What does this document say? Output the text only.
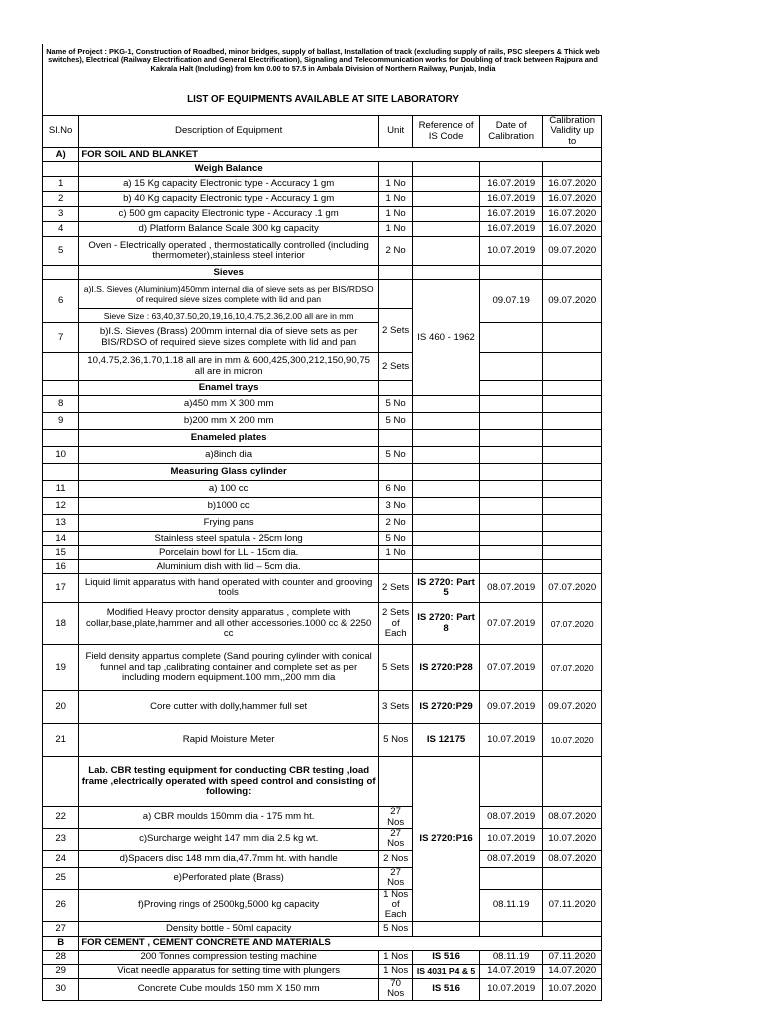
Name of Project : PKG-1, Construction of Roadbed, minor bridges, supply of ballast, Installation of track (excluding supply of rails, PSC sleepers & Thick web switches), Electrical (Railway Electrification and General Electrification), Signaling and Telecommunication works for Doubling of track between Rajpura and Kakrala Halt (Including) from km 0.00 to 57.5 in Ambala Division of Northern Railway, Punjab, India
LIST OF EQUIPMENTS AVAILABLE AT SITE LABORATORY
Sl.No	Description of Equipment	Unit	Reference of IS Code	Date of Calibration	Calibration Validity up to
A)	FOR SOIL AND BLANKET				
	Weigh Balance				
1	a) 15 Kg capacity Electronic type - Accuracy 1 gm	1 No		16.07.2019	16.07.2020
2	b) 40 Kg capacity Electronic type - Accuracy 1 gm	1 No		16.07.2019	16.07.2020
3	c) 500 gm capacity Electronic type - Accuracy .1 gm	1 No		16.07.2019	16.07.2020
4	d) Platform Balance Scale 300 kg capacity	1 No		16.07.2019	16.07.2020
5	Oven - Electrically operated , thermostatically controlled (including thermometer),stainless steel interior	2 No		10.07.2019	09.07.2020
	Sieves				
6	a)I.S. Sieves (Aluminium)450mm internal dia of sieve sets as per BIS/RDSO of required sieve sizes complete with lid and pan		IS 460 - 1962	09.07.19	09.07.2020
	Sieve Size : 63,40,37.50,20,19,16,10,4.75,2.36,2.00 all are in mm	2 Sets			
7	b)I.S. Sieves (Brass) 200mm internal dia of sieve sets as per BIS/RDSO of required sieve sizes complete with lid and pan				
	10,4.75,2.36,1.70,1.18 all are in mm & 600,425,300,212,150,90,75 all are in micron	2 Sets			
	Enamel trays				
8	a)450 mm X 300 mm	5 No			
9	b)200 mm X 200 mm	5 No			
	Enameled plates				
10	a)8inch dia	5 No			
	Measuring Glass cylinder				
11	a) 100 cc	6 No			
12	b)1000 cc	3 No			
13	Frying pans	2 No			
14	Stainless steel spatula - 25cm long	5 No			
15	Porcelain bowl for LL - 15cm dia.	1 No			
16	Aluminium dish with lid – 5cm dia.				
17	Liquid limit apparatus with hand operated with counter and grooving tools	2 Sets	IS 2720: Part 5	08.07.2019	07.07.2020
18	Modified Heavy proctor density apparatus , complete with collar,base,plate,hammer and all other accessories.1000 cc & 2250 cc	2 Sets of Each	IS 2720: Part 8	07.07.2019	07.07.2020
19	Field density appartus complete (Sand pouring cylinder with conical funnel and tap ,calibrating container and complete set as per including modern equipment.100 mm,,200 mm dia	5 Sets	IS 2720:P28	07.07.2019	07.07.2020
20	Core cutter with dolly,hammer full set	3 Sets	IS 2720:P29	09.07.2019	09.07.2020
21	Rapid Moisture Meter	5 Nos	IS 12175	10.07.2019	10.07.2020
	Lab. CBR testing equipment for conducting CBR testing ,load frame ,electrically operated with speed control and consisting of following:		IS 2720:P16		
22	a) CBR moulds 150mm dia - 175 mm ht.	27 Nos		08.07.2019	08.07.2020
23	c)Surcharge weight 147 mm dia 2.5 kg wt.	27 Nos		10.07.2019	10.07.2020
24	d)Spacers disc 148 mm dia,47.7mm ht. with handle	2 Nos		08.07.2019	08.07.2020
25	e)Perforated plate (Brass)	27 Nos			
26	f)Proving rings of 2500kg,5000 kg capacity	1 Nos of Each		08.11.19	07.11.2020
27	Density bottle - 50ml capacity	5 Nos			
B	FOR CEMENT , CEMENT CONCRETE AND MATERIALS				
28	200 Tonnes compression testing machine	1 Nos	IS 516	08.11.19	07.11.2020
29	Vicat needle apparatus for setting time with plungers	1 Nos	IS 4031 P4 & 5	14.07.2019	14.07.2020
30	Concrete Cube moulds 150 mm X 150 mm	70 Nos	IS 516	10.07.2019	10.07.2020
